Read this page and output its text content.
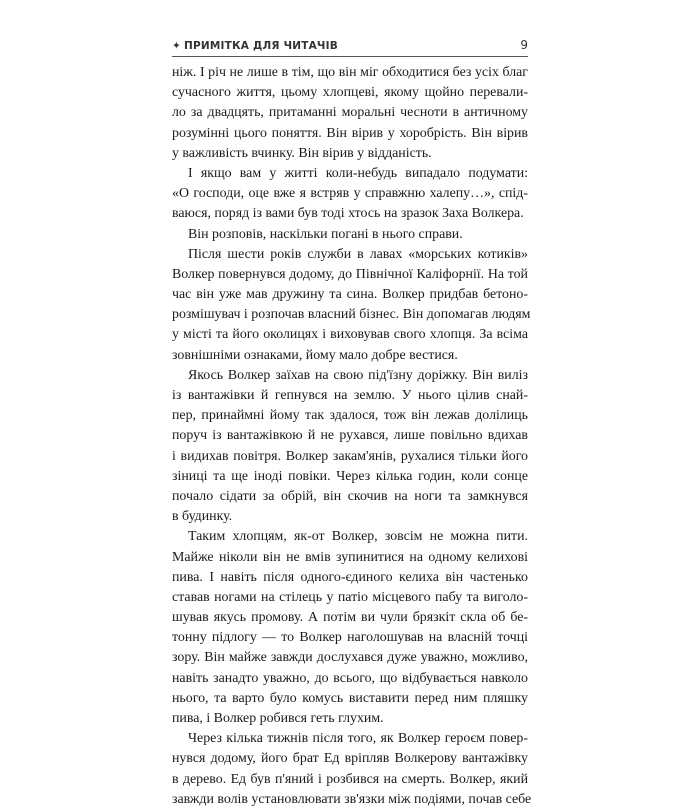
✦ ПРИМІТКА ДЛЯ ЧИТАЧІВ	9
ніж. І річ не лише в тім, що він міг обходитися без усіх благ
сучасного життя, цьому хлопцеві, якому щойно перевали-
ло за двадцять, притаманні моральні чесноти в античному
розумінні цього поняття. Він вірив у хоробрість. Він вірив
у важливість вчинку. Він вірив у відданість.
І якщо вам у житті коли-небудь випадало подумати:
«О господи, оце вже я встряв у справжню халепу…», спід-
ваюся, поряд із вами був тоді хтось на зразок Заха Волкера.
Він розповів, наскільки погані в нього справи.
Після шести років служби в лавах «морських котиків»
Волкер повернувся додому, до Північної Каліфорнії. На той
час він уже мав дружину та сина. Волкер придбав бетоно-
розмішувач і розпочав власний бізнес. Він допомагав людям
у місті та його околицях і виховував свого хлопця. За всіма
зовнішніми ознаками, йому мало добре вестися.
Якось Волкер заїхав на свою під'їзну доріжку. Він виліз
із вантажівки й гепнувся на землю. У нього цілив снай-
пер, принаймні йому так здалося, тож він лежав долілиць
поруч із вантажівкою й не рухався, лише повільно вдихав
і видихав повітря. Волкер закам'янів, рухалися тільки його
зіниці та ще іноді повіки. Через кілька годин, коли сонце
почало сідати за обрій, він скочив на ноги та замкнувся
в будинку.
Таким хлопцям, як-от Волкер, зовсім не можна пити.
Майже ніколи він не вмів зупинитися на одному келихові
пива. І навіть після одного-єдиного келиха він частенько
ставав ногами на стілець у патіо місцевого пабу та виголо-
шував якусь промову. А потім ви чули брязкіт скла об бе-
тонну підлогу — то Волкер наголошував на власній точці
зору. Він майже завжди дослухався дуже уважно, можливо,
навіть занадто уважно, до всього, що відбувається навколо
нього, та варто було комусь виставити перед ним пляшку
пива, і Волкер робився геть глухим.
Через кілька тижнів після того, як Волкер героєм повер-
нувся додому, його брат Ед вріпляв Волкерову вантажівку
в дерево. Ед був п'яний і розбився на смерть. Волкер, який
завжди волів установлювати зв'язки між подіями, почав себе
